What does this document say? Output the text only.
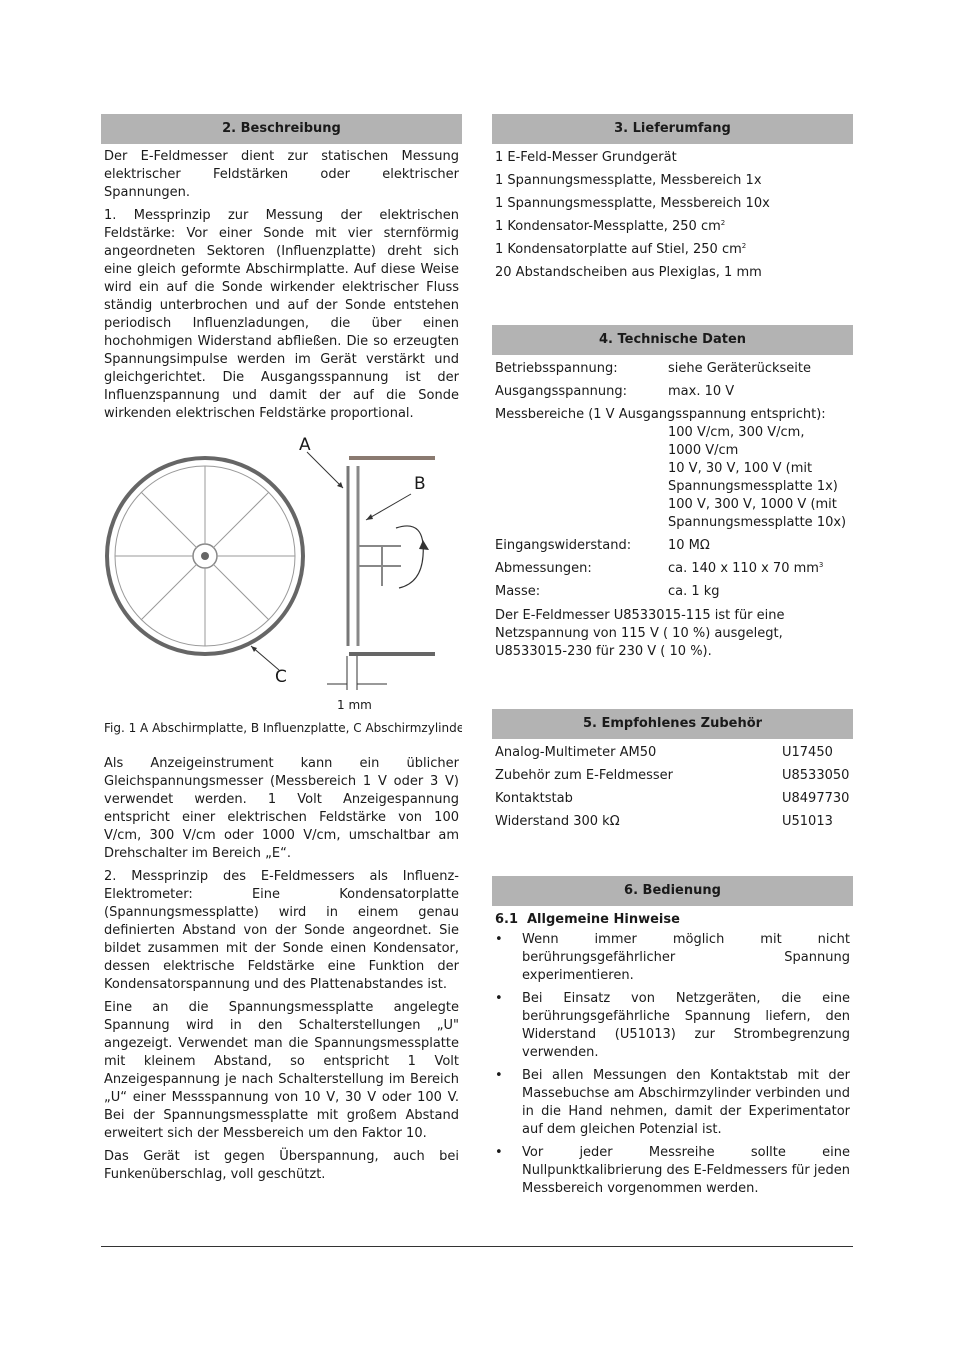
2. Beschreibung

Der E-Feldmesser dient zur statischen Messung elektrischer Feldstärken oder elektrischer Spannungen.

1. Messprinzip zur Messung der elektrischen Feldstärke: Vor einer Sonde mit vier sternförmig angeordneten Sektoren (Influenzplatte) dreht sich eine gleich geformte Abschirmplatte. Auf diese Weise wird ein auf die Sonde wirkender elektrischer Fluss ständig unterbrochen und auf der Sonde entstehen periodisch Influenzladungen, die über einen hochohmigen Widerstand abfließen. Die so erzeugten Spannungsimpulse werden im Gerät verstärkt und gleichgerichtet. Die Ausgangsspannung ist der Influenzspannung und damit der auf die Sonde wirkenden elektrischen Feldstärke proportional.

A
B
C
1 mm
Fig. 1 A Abschirmplatte, B Influenzplatte, C Abschirmzylinder

Als Anzeigeinstrument kann ein üblicher Gleichspannungsmesser (Messbereich 1 V oder 3 V) verwendet werden. 1 Volt Anzeigespannung entspricht einer elektrischen Feldstärke von 100 V/cm, 300 V/cm oder 1000 V/cm, umschaltbar am Drehschalter im Bereich „E“.

2. Messprinzip des E-Feldmessers als Influenz-Elektrometer: Eine Kondensatorplatte (Spannungsmessplatte) wird in einem genau definierten Abstand von der Sonde angeordnet. Sie bildet zusammen mit der Sonde einen Kondensator, dessen elektrische Feldstärke eine Funktion der Kondensatorspannung und des Plattenabstandes ist.

Eine an die Spannungsmessplatte angelegte Spannung wird in den Schalterstellungen „U" angezeigt. Verwendet man die Spannungsmessplatte mit kleinem Abstand, so entspricht 1 Volt Anzeigespannung je nach Schalterstellung im Bereich „U“ einer Messspannung von 10 V, 30 V oder 100 V. Bei der Spannungsmessplatte mit großem Abstand erweitert sich der Messbereich um den Faktor 10.

Das Gerät ist gegen Überspannung, auch bei Funkenüberschlag, voll geschützt.

3. Lieferumfang
1 E-Feld-Messer Grundgerät
1 Spannungsmessplatte, Messbereich 1x
1 Spannungsmessplatte, Messbereich 10x
1 Kondensator-Messplatte, 250 $cm^2$
1 Kondensatorplatte auf Stiel, 250 $cm^2$
20 Abstandscheiben aus Plexiglas, 1 mm
4. Technische Daten
Betriebsspannung:	siehe Geräterückseite
Ausgangsspannung:	max. 10 V
Messbereiche (1 V Ausgangsspannung entspricht):
100 V/cm, 300 V/cm,
1000 V/cm
10 V, 30 V, 100 V (mit
Spannungsmessplatte 1x)
100 V, 300 V, 1000 V (mit
Spannungsmessplatte 10x)
Eingangswiderstand:	10 MΩ
Abmessungen:	ca. 140 x 110 x 70 $mm^3$
Masse:	ca. 1 kg
Der E-Feldmesser U8533015-115 ist für eine Netzspannung von 115 V ( 10 %) ausgelegt, U8533015-230 für 230 V ( 10 %).
5. Empfohlenes Zubehör
Analog-Multimeter AM50	U17450
Zubehör zum E-Feldmesser	U8533050
Kontaktstab	U8497730
Widerstand 300 kΩ	U51013
6. Bedienung
6.1 Allgemeine Hinweise
•	Wenn immer möglich mit nicht berührungsgefährlicher Spannung experimentieren.
•	Bei Einsatz von Netzgeräten, die eine berührungsgefährliche Spannung liefern, den Widerstand (U51013) zur Strombegrenzung verwenden.
•	Bei allen Messungen den Kontaktstab mit der Massebuchse am Abschirmzylinder verbinden und in die Hand nehmen, damit der Experimentator auf dem gleichen Potenzial ist.
•	Vor jeder Messreihe sollte eine Nullpunktkalibrierung des E-Feldmessers für jeden Messbereich vorgenommen werden.
